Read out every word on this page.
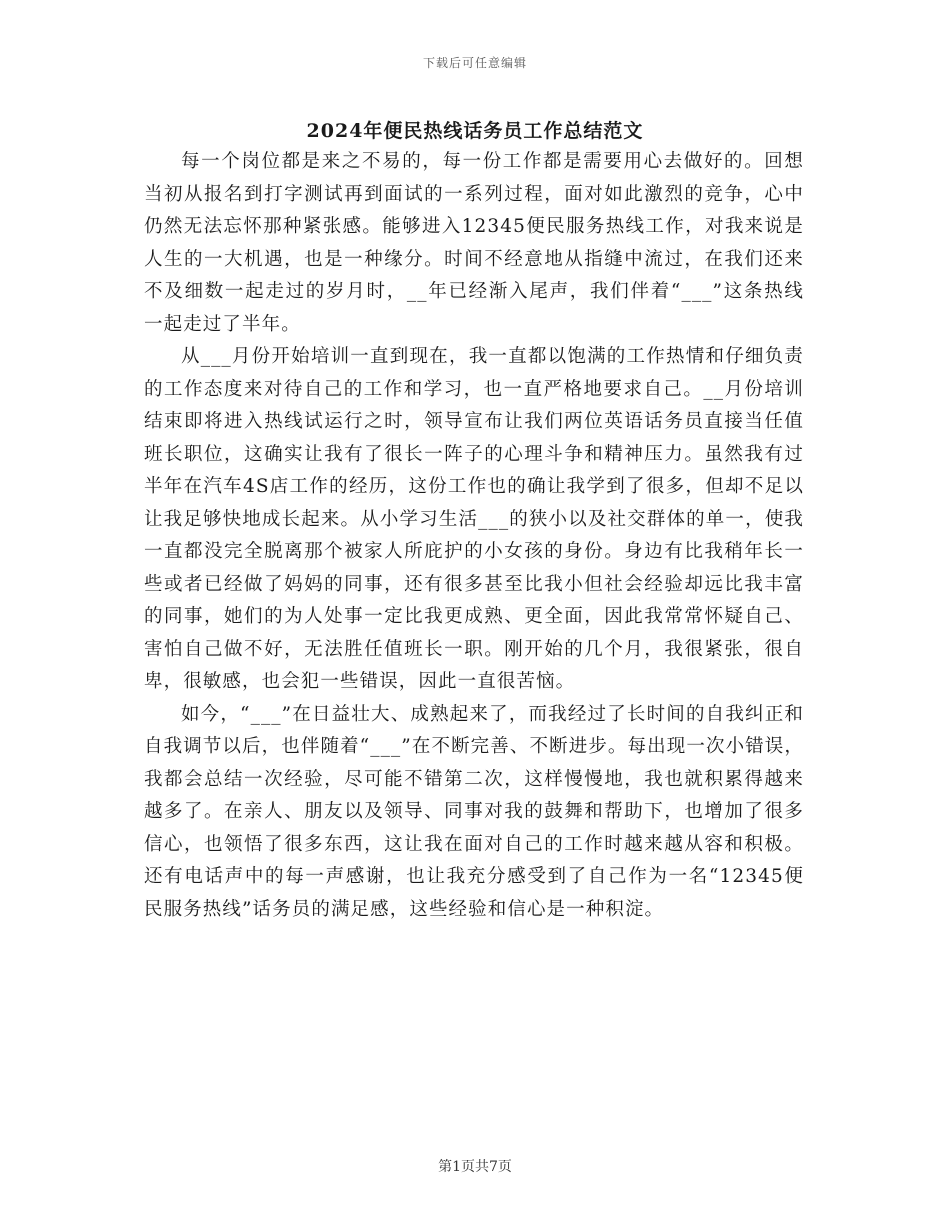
下载后可任意编辑
2024年便民热线话务员工作总结范文

每一个岗位都是来之不易的，每一份工作都是需要用心去做好的。回想当初从报名到打字测试再到面试的一系列过程，面对如此激烈的竞争，心中仍然无法忘怀那种紧张感。能够进入12345便民服务热线工作，对我来说是人生的一大机遇，也是一种缘分。时间不经意地从指缝中流过，在我们还来不及细数一起走过的岁月时，__年已经渐入尾声，我们伴着“___”这条热线一起走过了半年。

从___月份开始培训一直到现在，我一直都以饱满的工作热情和仔细负责的工作态度来对待自己的工作和学习，也一直严格地要求自己。__月份培训结束即将进入热线试运行之时，领导宣布让我们两位英语话务员直接当任值班长职位，这确实让我有了很长一阵子的心理斗争和精神压力。虽然我有过半年在汽车4S店工作的经历，这份工作也的确让我学到了很多，但却不足以让我足够快地成长起来。从小学习生活___的狭小以及社交群体的单一，使我一直都没完全脱离那个被家人所庇护的小女孩的身份。身边有比我稍年长一些或者已经做了妈妈的同事，还有很多甚至比我小但社会经验却远比我丰富的同事，她们的为人处事一定比我更成熟、更全面，因此我常常怀疑自己、害怕自己做不好，无法胜任值班长一职。刚开始的几个月，我很紧张，很自卑，很敏感，也会犯一些错误，因此一直很苦恼。

如今，“___”在日益壮大、成熟起来了，而我经过了长时间的自我纠正和自我调节以后，也伴随着“___”在不断完善、不断进步。每出现一次小错误，我都会总结一次经验，尽可能不错第二次，这样慢慢地，我也就积累得越来越多了。在亲人、朋友以及领导、同事对我的鼓舞和帮助下，也增加了很多信心，也领悟了很多东西，这让我在面对自己的工作时越来越从容和积极。还有电话声中的每一声感谢，也让我充分感受到了自己作为一名“12345便民服务热线”话务员的满足感，这些经验和信心是一种积淀。

第1页共7页
